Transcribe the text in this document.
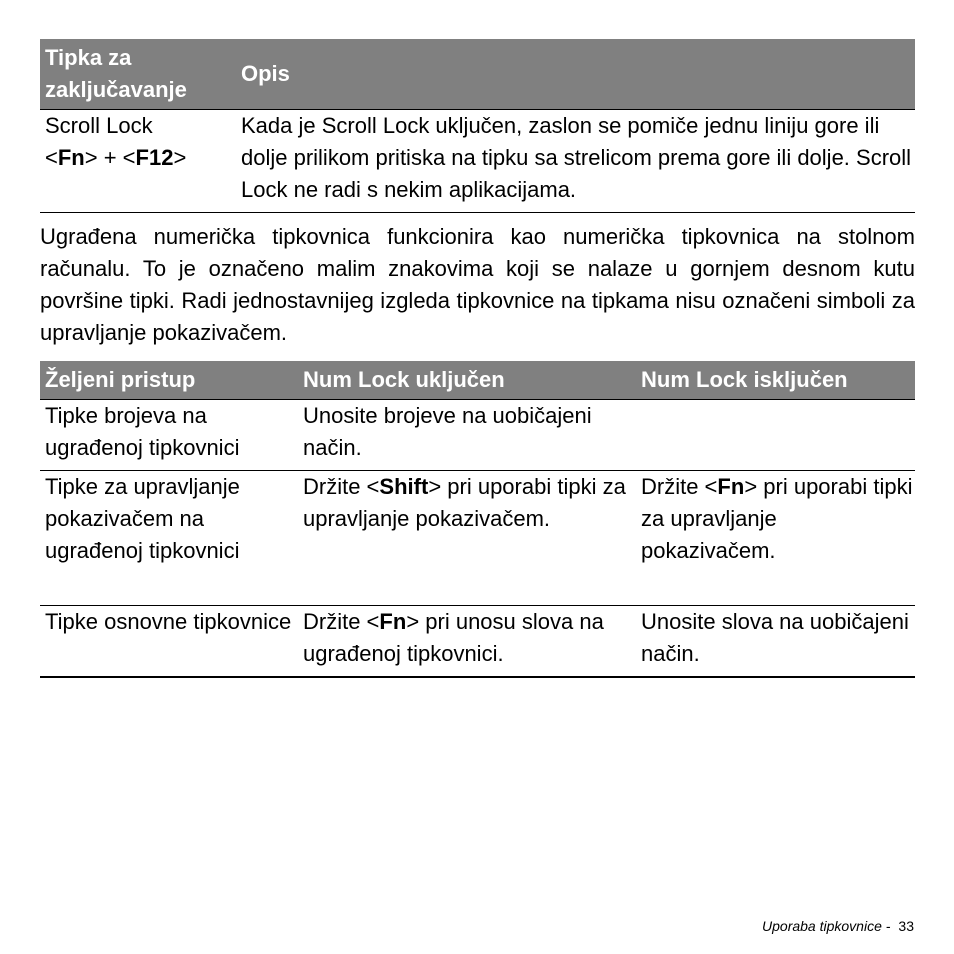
Tipka za zaključavanje	Opis
Scroll Lock
<Fn> + <F12>	Kada je Scroll Lock uključen, zaslon se pomiče jednu liniju gore ili dolje prilikom pritiska na tipku sa strelicom prema gore ili dolje. Scroll Lock ne radi s nekim aplikacijama.

Ugrađena numerička tipkovnica funkcionira kao numerička tipkovnica na stolnom računalu. To je označeno malim znakovima koji se nalaze u gornjem desnom kutu površine tipki. Radi jednostavnijeg izgleda tipkovnice na tipkama nisu označeni simboli za upravljanje pokazivačem.

Željeni pristup	Num Lock uključen	Num Lock isključen
Tipke brojeva na ugrađenoj tipkovnici	Unosite brojeve na uobičajeni način.	
Tipke za upravljanje pokazivačem na ugrađenoj tipkovnici	Držite <Shift> pri uporabi tipki za upravljanje pokazivačem.	Držite <Fn> pri uporabi tipki za upravljanje pokazivačem.
Tipke osnovne tipkovnice	Držite <Fn> pri unosu slova na ugrađenoj tipkovnici.	Unosite slova na uobičajeni način.
Uporaba tipkovnice - 33
